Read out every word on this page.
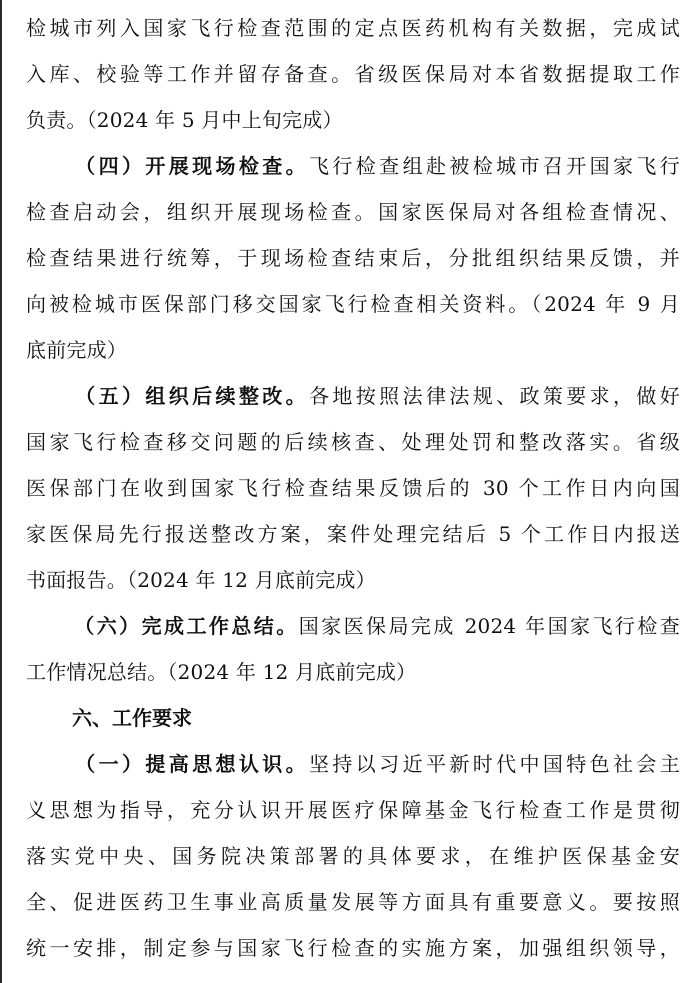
检城市列入国家飞行检查范围的定点医药机构有关数据，完成试
入库、校验等工作并留存备查。省级医保局对本省数据提取工作
负责。（2024 年 5 月中上旬完成）
（四）开展现场检查。飞行检查组赴被检城市召开国家飞行
检查启动会，组织开展现场检查。国家医保局对各组检查情况、
检查结果进行统筹，于现场检查结束后，分批组织结果反馈，并
向被检城市医保部门移交国家飞行检查相关资料。（2024 年 9 月
底前完成）
（五）组织后续整改。各地按照法律法规、政策要求，做好
国家飞行检查移交问题的后续核查、处理处罚和整改落实。省级
医保部门在收到国家飞行检查结果反馈后的 30 个工作日内向国
家医保局先行报送整改方案，案件处理完结后 5 个工作日内报送
书面报告。（2024 年 12 月底前完成）
（六）完成工作总结。国家医保局完成 2024 年国家飞行检查
工作情况总结。（2024 年 12 月底前完成）
六、工作要求
（一）提高思想认识。坚持以习近平新时代中国特色社会主
义思想为指导，充分认识开展医疗保障基金飞行检查工作是贯彻
落实党中央、国务院决策部署的具体要求，在维护医保基金安
全、促进医药卫生事业高质量发展等方面具有重要意义。要按照
统一安排，制定参与国家飞行检查的实施方案，加强组织领导，
